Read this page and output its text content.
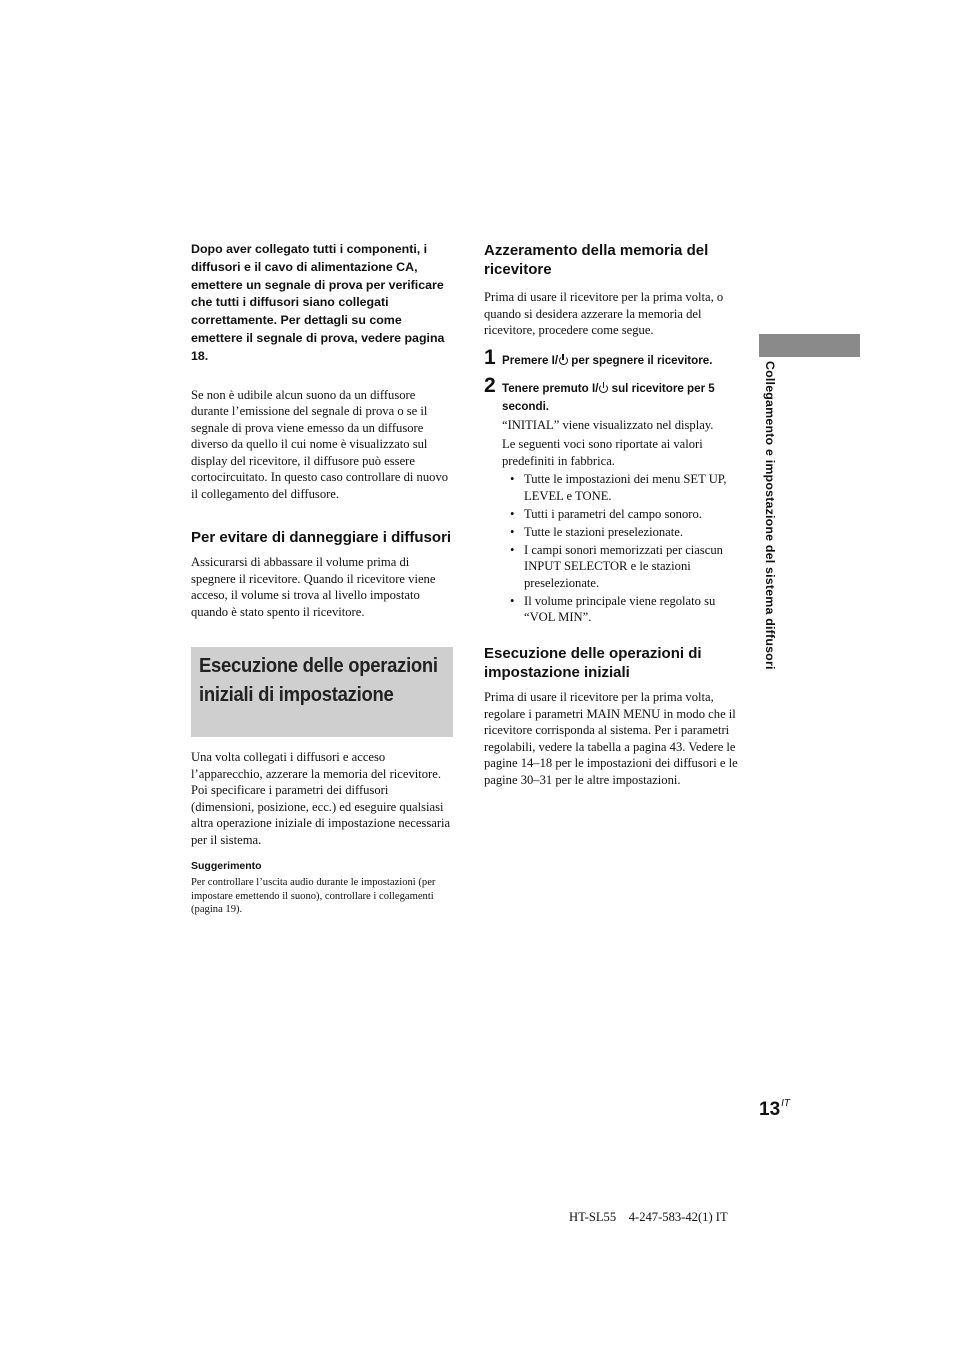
Dopo aver collegato tutti i componenti, i diffusori e il cavo di alimentazione CA, emettere un segnale di prova per verificare che tutti i diffusori siano collegati correttamente. Per dettagli su come emettere il segnale di prova, vedere pagina 18.

Se non è udibile alcun suono da un diffusore durante l’emissione del segnale di prova o se il segnale di prova viene emesso da un diffusore diverso da quello il cui nome è visualizzato sul display del ricevitore, il diffusore può essere cortocircuitato. In questo caso controllare di nuovo il collegamento del diffusore.

Per evitare di danneggiare i diffusori

Assicurarsi di abbassare il volume prima di spegnere il ricevitore. Quando il ricevitore viene acceso, il volume si trova al livello impostato quando è stato spento il ricevitore.

Esecuzione delle operazioni iniziali di impostazione

Una volta collegati i diffusori e acceso l’apparecchio, azzerare la memoria del ricevitore. Poi specificare i parametri dei diffusori (dimensioni, posizione, ecc.) ed eseguire qualsiasi altra operazione iniziale di impostazione necessaria per il sistema.

Suggerimento

Per controllare l’uscita audio durante le impostazioni (per impostare emettendo il suono), controllare i collegamenti (pagina 19).

Azzeramento della memoria del ricevitore

Prima di usare il ricevitore per la prima volta, o quando si desidera azzerare la memoria del ricevitore, procedere come segue.

1 Premere I/ per spegnere il ricevitore.
2 Tenere premuto I/ sul ricevitore per 5 secondi.

“INITIAL” viene visualizzato nel display.

Le seguenti voci sono riportate ai valori predefiniti in fabbrica.

• Tutte le impostazioni dei menu SET UP, LEVEL e TONE.
• Tutti i parametri del campo sonoro.
• Tutte le stazioni preselezionate.
• I campi sonori memorizzati per ciascun INPUT SELECTOR e le stazioni preselezionate.
• Il volume principale viene regolato su “VOL MIN”.
Esecuzione delle operazioni di impostazione iniziali

Prima di usare il ricevitore per la prima volta, regolare i parametri MAIN MENU in modo che il ricevitore corrisponda al sistema. Per i parametri regolabili, vedere la tabella a pagina 43. Vedere le pagine 14–18 per le impostazioni dei diffusori e le pagine 30–31 per le altre impostazioni.

Collegamento e impostazione del sistema diffusori
$13^{IT}$
HT-SL55    4-247-583-42(1) IT
